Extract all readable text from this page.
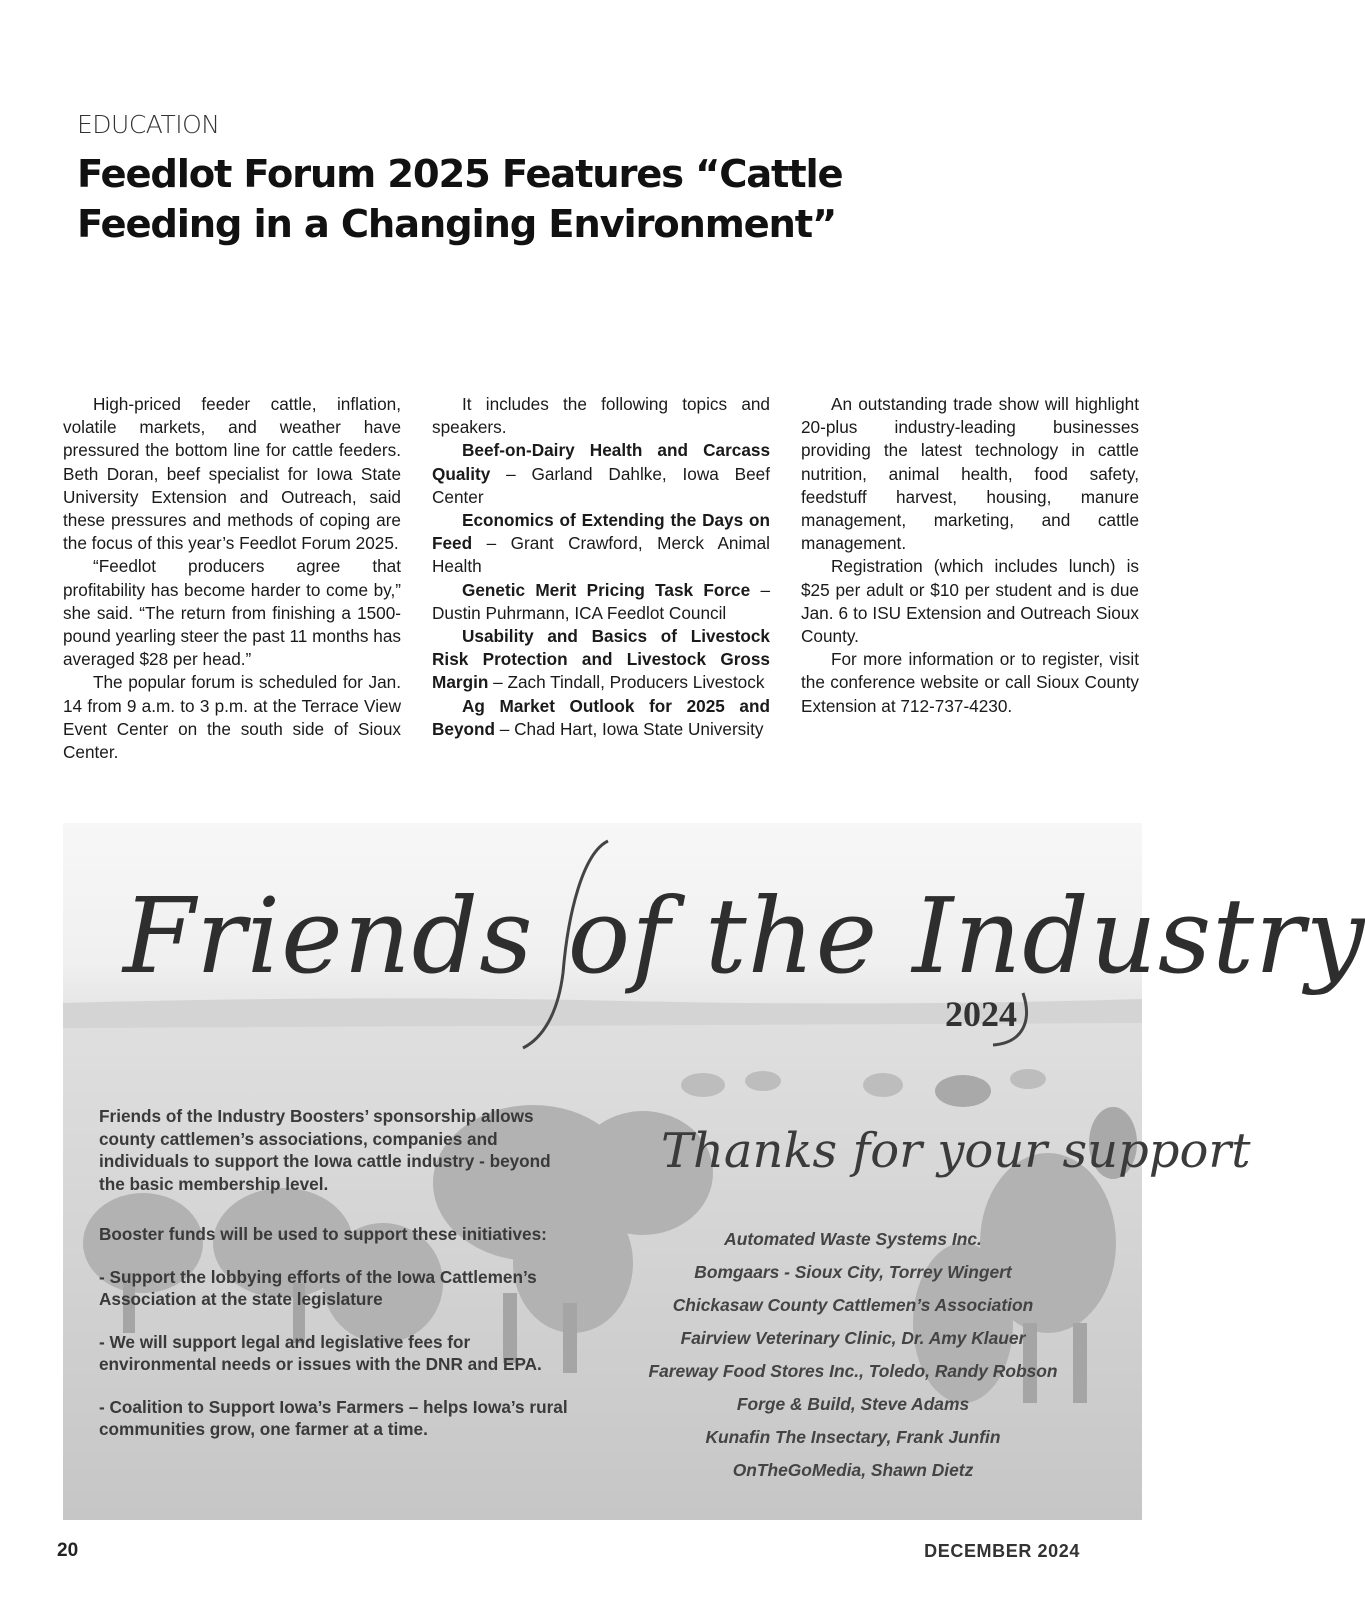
EDUCATION
Feedlot Forum 2025 Features “Cattle Feeding in a Changing Environment”

High-priced feeder cattle, inflation, volatile markets, and weather have pressured the bottom line for cattle feeders. Beth Doran, beef specialist for Iowa State University Extension and Outreach, said these pressures and methods of coping are the focus of this year’s Feedlot Forum 2025.

“Feedlot producers agree that profitability has become harder to come by,” she said. “The return from finishing a 1500-pound yearling steer the past 11 months has averaged $28 per head.”

The popular forum is scheduled for Jan. 14 from 9 a.m. to 3 p.m. at the Terrace View Event Center on the south side of Sioux Center.

It includes the following topics and speakers.

Beef-on-Dairy Health and Carcass Quality – Garland Dahlke, Iowa Beef Center

Economics of Extending the Days on Feed – Grant Crawford, Merck Animal Health

Genetic Merit Pricing Task Force – Dustin Puhrmann, ICA Feedlot Council

Usability and Basics of Livestock Risk Protection and Livestock Gross Margin – Zach Tindall, Producers Livestock

Ag Market Outlook for 2025 and Beyond – Chad Hart, Iowa State University

An outstanding trade show will highlight 20-plus industry-leading businesses providing the latest technology in cattle nutrition, animal health, food safety, feedstuff harvest, housing, manure management, marketing, and cattle management.

Registration (which includes lunch) is $25 per adult or $10 per student and is due Jan. 6 to ISU Extension and Outreach Sioux County.

For more information or to register, visit the conference website or call Sioux County Extension at 712-737-4230.

Friends of the Industry
2024

Friends of the Industry Boosters’ sponsorship allows county cattlemen’s associations, companies and individuals to support the Iowa cattle industry - beyond the basic membership level.

Booster funds will be used to support these initiatives:

- Support the lobbying efforts of the Iowa Cattlemen’s Association at the state legislature

- We will support legal and legislative fees for environmental needs or issues with the DNR and EPA.

- Coalition to Support Iowa’s Farmers – helps Iowa’s rural communities grow, one farmer at a time.

Thanks for your support
Automated Waste Systems Inc.
Bomgaars - Sioux City, Torrey Wingert
Chickasaw County Cattlemen’s Association
Fairview Veterinary Clinic, Dr. Amy Klauer
Fareway Food Stores Inc., Toledo, Randy Robson
Forge & Build, Steve Adams
Kunafin The Insectary, Frank Junfin
OnTheGoMedia, Shawn Dietz
20	DECEMBER 2024
